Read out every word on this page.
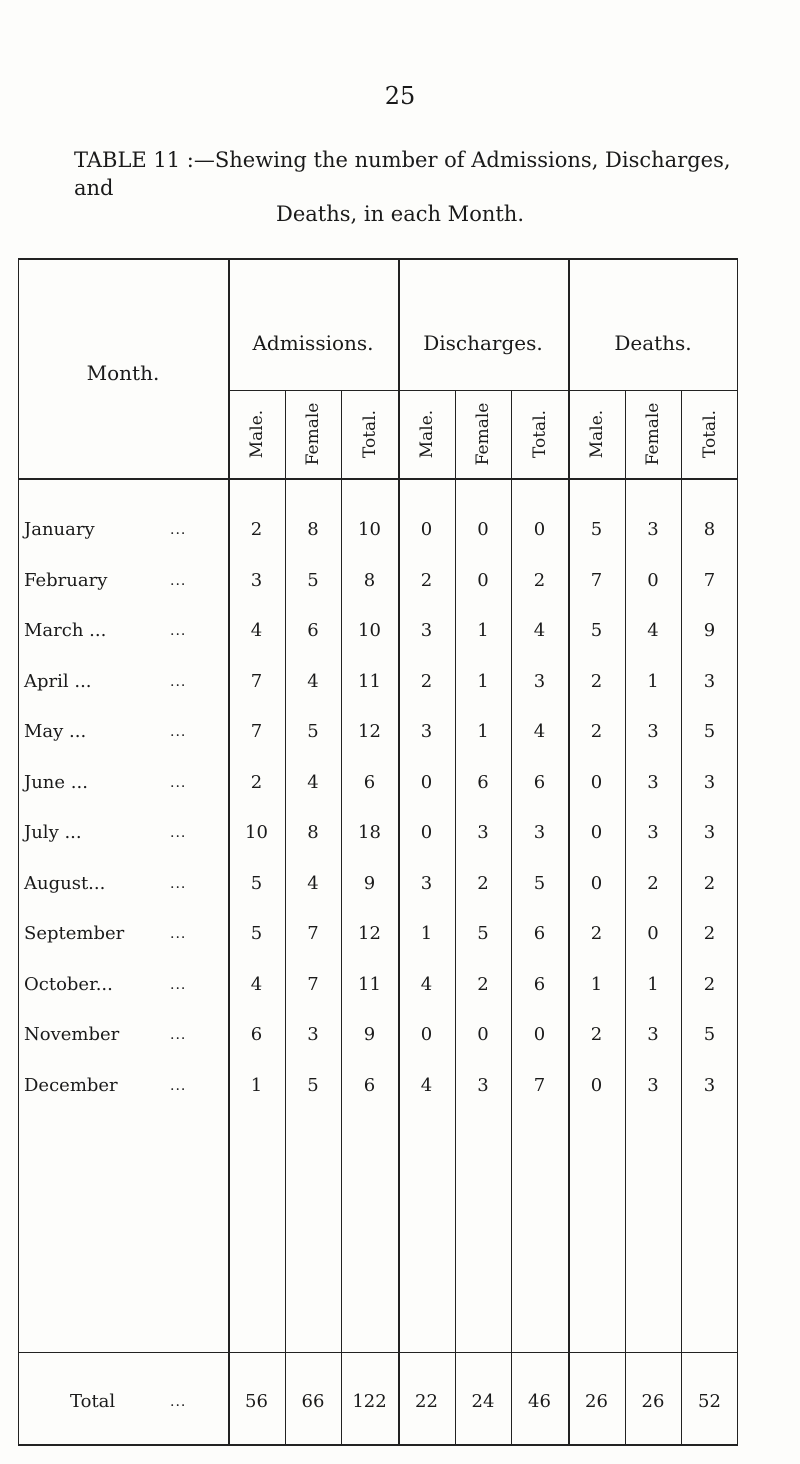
25
TABLE 11 :—Shewing the number of Admissions, Discharges, and
Deaths, in each Month.
Month.
Admissions.	Discharges.	Deaths.
Male. Female Total. Male. Female Total. Male. Female Total.
January	...	2	8	10	0	0	0	5	3	8
February	...	3	5	8	2	0	2	7	0	7
March ...	...	4	6	10	3	1	4	5	4	9
April ...	...	7	4	11	2	1	3	2	1	3
May ...	...	7	5	12	3	1	4	2	3	5
June ...	...	2	4	6	0	6	6	0	3	3
July ...	...	10	8	18	0	3	3	0	3	3
August...	...	5	4	9	3	2	5	0	2	2
September	...	5	7	12	1	5	6	2	0	2
October...	...	4	7	11	4	2	6	1	1	2
November	...	6	3	9	0	0	0	2	3	5
December	...	1	5	6	4	3	7	0	3	3
Total	...	56	66	122	22	24	46	26	26	52
